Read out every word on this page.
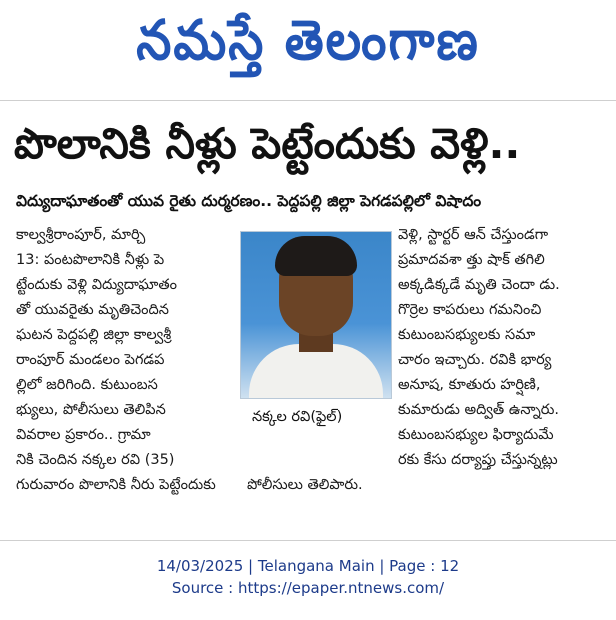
నమస్తే తెలంగాణ
పొలానికి నీళ్లు పెట్టేందుకు వెళ్లి..
విద్యుదాఘాతంతో యువ రైతు దుర్మరణం.. పెద్దపల్లి జిల్లా పెగడపల్లిలో విషాదం

కాల్వశ్రీరాంపూర్, మార్చి

13: పంటపొలానికి నీళ్లు పె

ట్టేందుకు వెళ్లి విద్యుదాఘాతం

తో యువరైతు మృతిచెందిన

ఘటన పెద్దపల్లి జిల్లా కాల్వశ్రీ

రాంపూర్ మండలం పెగడప

ల్లిలో జరిగింది. కుటుంబస

భ్యులు, పోలీసులు తెలిపిన

వివరాల ప్రకారం.. గ్రామా

నికి చెందిన నక్కల రవి (35)

నక్కల రవి(ఫైల్)

వెళ్లి, స్టార్టర్ ఆన్ చేస్తుండగా

ప్రమాదవశా త్తు షాక్ తగిలి

అక్కడిక్కడే మృతి చెందా డు.

గొర్రెల కాపరులు గమనించి

కుటుంబసభ్యులకు సమా

చారం ఇచ్చారు. రవికి భార్య

అనూష, కూతురు హర్షిణి,

కుమారుడు అద్విత్ ఉన్నారు.

కుటుంబసభ్యుల ఫిర్యాదుమే

రకు కేసు దర్యాప్తు చేస్తున్నట్లు

గురువారం పొలానికి నీరు పెట్టేందుకు పోలీసులు తెలిపారు.

14/03/2025 | Telangana Main | Page : 12
Source : https://epaper.ntnews.com/
